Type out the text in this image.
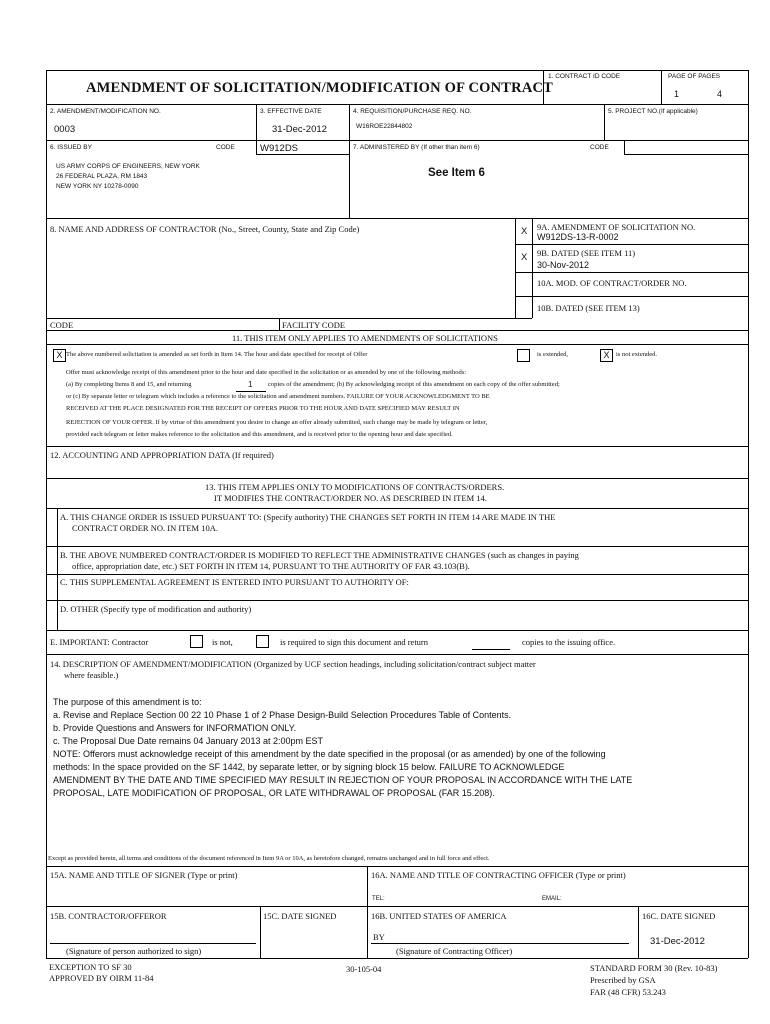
AMENDMENT OF SOLICITATION/MODIFICATION OF CONTRACT
1. CONTRACT ID CODE	PAGE OF PAGES
1	4
2. AMENDMENT/MODIFICATION NO.
0003
3. EFFECTIVE DATE
31-Dec-2012
4. REQUISITION/PURCHASE REQ. NO.
W16ROE22844802
5. PROJECT NO.(If applicable)
6. ISSUED BY	CODE	W912DS	7. ADMINISTERED BY (If other than item 6)	CODE
US ARMY CORPS OF ENGINEERS, NEW YORK
26 FEDERAL PLAZA, RM 1843
NEW YORK NY 10278-0090
See Item 6
8. NAME AND ADDRESS OF CONTRACTOR (No., Street, County, State and Zip Code)	X 9A. AMENDMENT OF SOLICITATION NO.
W912DS-13-R-0002
X 9B. DATED (SEE ITEM 11)
30-Nov-2012
10A. MOD. OF CONTRACT/ORDER NO.
10B. DATED (SEE ITEM 13)
CODE	FACILITY CODE
11. THIS ITEM ONLY APPLIES TO AMENDMENTS OF SOLICITATIONS
X The above numbered solicitation is amended as set forth in Item 14. The hour and date specified for receipt of Offer	is extended,	X	is not extended.
Offer must acknowledge receipt of this amendment prior to the hour and date specified in the solicitation or as amended by one of the following methods:
(a) By completing Items 8 and 15, and returning	1 copies of the amendment; (b) By acknowledging receipt of this amendment on each copy of the offer submitted;
or (c) By separate letter or telegram which includes a reference to the solicitation and amendment numbers. FAILURE OF YOUR ACKNOWLEDGMENT TO BE
RECEIVED AT THE PLACE DESIGNATED FOR THE RECEIPT OF OFFERS PRIOR TO THE HOUR AND DATE SPECIFIED MAY RESULT IN
REJECTION OF YOUR OFFER. If by virtue of this amendment you desire to change an offer already submitted, such change may be made by telegram or letter,
provided each telegram or letter makes reference to the solicitation and this amendment, and is received prior to the opening hour and date specified.
12. ACCOUNTING AND APPROPRIATION DATA (If required)
13. THIS ITEM APPLIES ONLY TO MODIFICATIONS OF CONTRACTS/ORDERS.
IT MODIFIES THE CONTRACT/ORDER NO. AS DESCRIBED IN ITEM 14.
A. THIS CHANGE ORDER IS ISSUED PURSUANT TO: (Specify authority) THE CHANGES SET FORTH IN ITEM 14 ARE MADE IN THE
CONTRACT ORDER NO. IN ITEM 10A.
B. THE ABOVE NUMBERED CONTRACT/ORDER IS MODIFIED TO REFLECT THE ADMINISTRATIVE CHANGES (such as changes in paying
office, appropriation date, etc.) SET FORTH IN ITEM 14, PURSUANT TO THE AUTHORITY OF FAR 43.103(B).
C. THIS SUPPLEMENTAL AGREEMENT IS ENTERED INTO PURSUANT TO AUTHORITY OF:
D. OTHER (Specify type of modification and authority)
E. IMPORTANT: Contractor	is not,	is required to sign this document and return	copies to the issuing office.
14. DESCRIPTION OF AMENDMENT/MODIFICATION (Organized by UCF section headings, including solicitation/contract subject matter
where feasible.)
The purpose of this amendment is to:
a. Revise and Replace Section 00 22 10 Phase 1 of 2 Phase Design-Build Selection Procedures Table of Contents.
b. Provide Questions and Answers for INFORMATION ONLY.
c. The Proposal Due Date remains 04 January 2013 at 2:00pm EST
NOTE: Offerors must acknowledge receipt of this amendment by the date specified in the proposal (or as amended) by one of the following
methods: In the space provided on the SF 1442, by separate letter, or by signing block 15 below. FAILURE TO ACKNOWLEDGE
AMENDMENT BY THE DATE AND TIME SPECIFIED MAY RESULT IN REJECTION OF YOUR PROPOSAL IN ACCORDANCE WITH THE LATE
PROPOSAL, LATE MODIFICATION OF PROPOSAL, OR LATE WITHDRAWAL OF PROPOSAL (FAR 15.208).
Except as provided herein, all terms and conditions of the document referenced in Item 9A or 10A, as heretofore changed, remains unchanged and in full force and effect.
15A. NAME AND TITLE OF SIGNER (Type or print)	16A. NAME AND TITLE OF CONTRACTING OFFICER (Type or print)
TEL:	EMAIL:
15B. CONTRACTOR/OFFEROR	15C. DATE SIGNED	16B. UNITED STATES OF AMERICA	16C. DATE SIGNED
BY	31-Dec-2012
(Signature of person authorized to sign)	(Signature of Contracting Officer)
EXCEPTION TO SF 30
APPROVED BY OIRM 11-84
30-105-04	STANDARD FORM 30 (Rev. 10-83)
Prescribed by GSA
FAR (48 CFR) 53.243
